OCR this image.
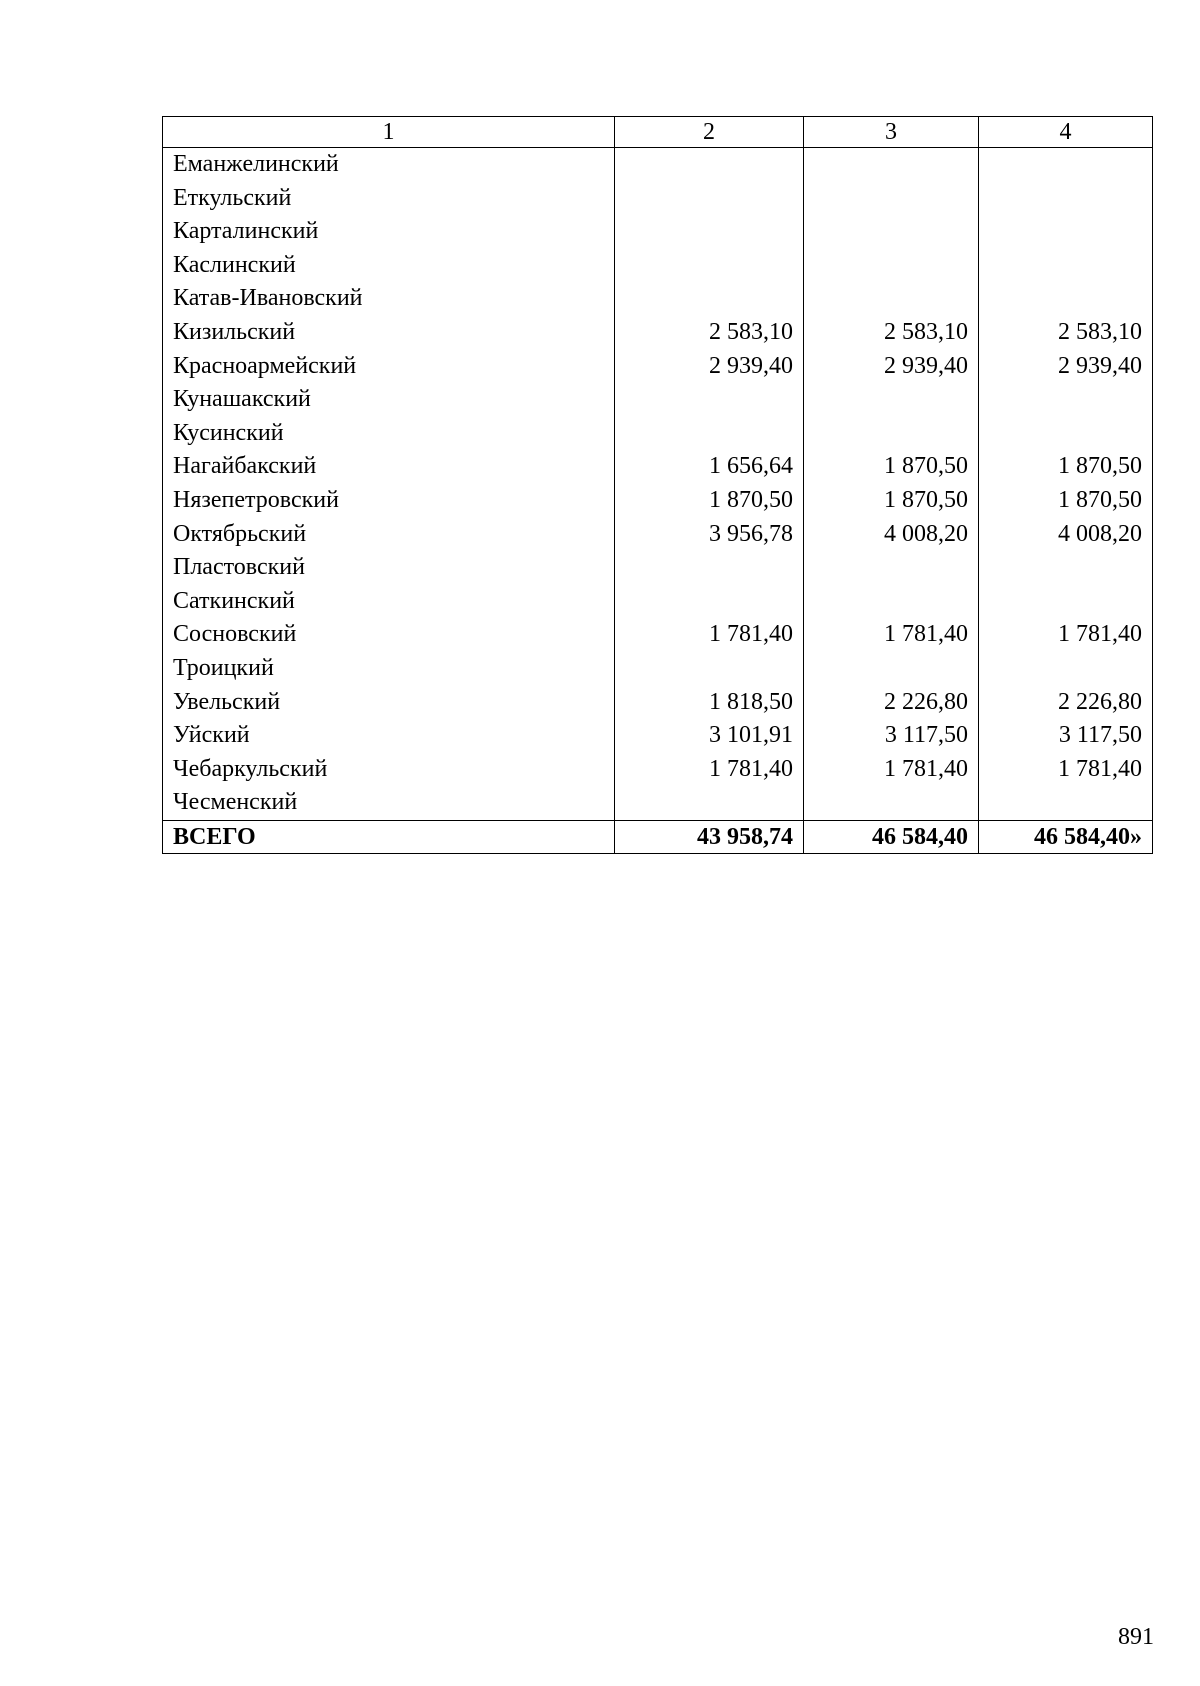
1	2	3	4
Еманжелинский			
Еткульский			
Карталинский			
Каслинский			
Катав-Ивановский			
Кизильский	2 583,10	2 583,10	2 583,10
Красноармейский	2 939,40	2 939,40	2 939,40
Кунашакский			
Кусинский			
Нагайбакский	1 656,64	1 870,50	1 870,50
Нязепетровский	1 870,50	1 870,50	1 870,50
Октябрьский	3 956,78	4 008,20	4 008,20
Пластовский			
Саткинский			
Сосновский	1 781,40	1 781,40	1 781,40
Троицкий			
Увельский	1 818,50	2 226,80	2 226,80
Уйский	3 101,91	3 117,50	3 117,50
Чебаркульский	1 781,40	1 781,40	1 781,40
Чесменский			
ВСЕГО	43 958,74	46 584,40	46 584,40»
891
